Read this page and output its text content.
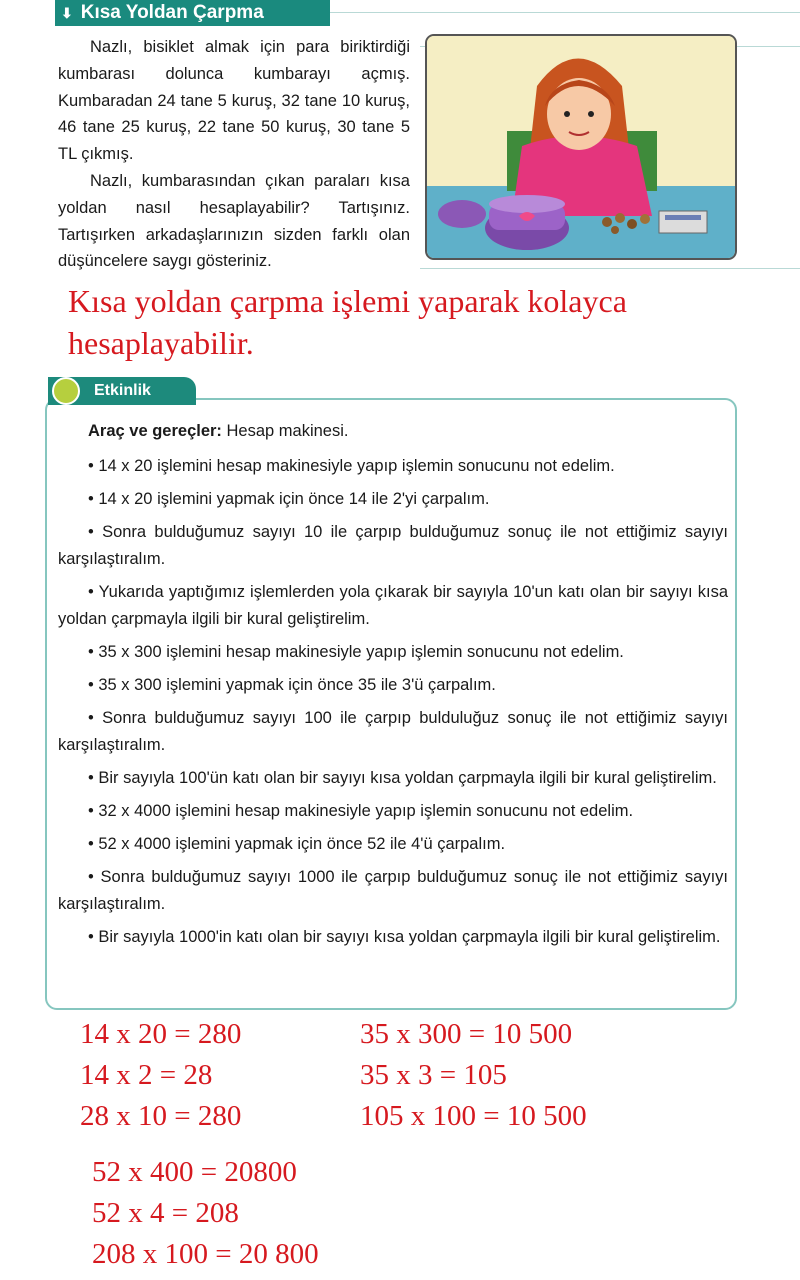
⬇ Kısa Yoldan Çarpma

Nazlı, bisiklet almak için para biriktirdiği kumbarası dolunca kumbarayı açmış. Kumbaradan 24 tane 5 kuruş, 32 tane 10 kuruş, 46 tane 25 kuruş, 22 tane 50 kuruş, 30 tane 5 TL çıkmış.

Nazlı, kumbarasından çıkan paraları kısa yoldan nasıl hesaplayabilir? Tartışınız. Tartışırken arkadaşlarınızın sizden farklı olan düşüncelere saygı gösteriniz.

Kısa yoldan çarpma işlemi yaparak kolayca hesaplayabilir.
Etkinlik

Araç ve gereçler: Hesap makinesi.

• 14 x 20 işlemini hesap makinesiyle yapıp işlemin sonucunu not edelim.

• 14 x 20 işlemini yapmak için önce 14 ile 2'yi çarpalım.

• Sonra bulduğumuz sayıyı 10 ile çarpıp bulduğumuz sonuç ile not ettiğimiz sayıyı karşılaştıralım.

• Yukarıda yaptığımız işlemlerden yola çıkarak bir sayıyla 10'un katı olan bir sayıyı kısa yoldan çarpmayla ilgili bir kural geliştirelim.

• 35 x 300 işlemini hesap makinesiyle yapıp işlemin sonucunu not edelim.

• 35 x 300 işlemini yapmak için önce 35 ile 3'ü çarpalım.

• Sonra bulduğumuz sayıyı 100 ile çarpıp bulduluğuz sonuç ile not ettiğimiz sayıyı karşılaştıralım.

• Bir sayıyla 100'ün katı olan bir sayıyı kısa yoldan çarpmayla ilgili bir kural geliştirelim.

• 32 x 4000 işlemini hesap makinesiyle yapıp işlemin sonucunu not edelim.

• 52 x 4000 işlemini yapmak için önce 52 ile 4'ü çarpalım.

• Sonra bulduğumuz sayıyı 1000 ile çarpıp bulduğumuz sonuç ile not ettiğimiz sayıyı karşılaştıralım.

• Bir sayıyla 1000'in katı olan bir sayıyı kısa yoldan çarpmayla ilgili bir kural geliştirelim.

14 x 20 = 280
14 x 2 = 28
28 x 10 = 280
35 x 300 = 10 500
35 x 3 = 105
105 x 100 = 10 500
52 x 400 = 20800
52 x 4 = 208
208 x 100 = 20 800
